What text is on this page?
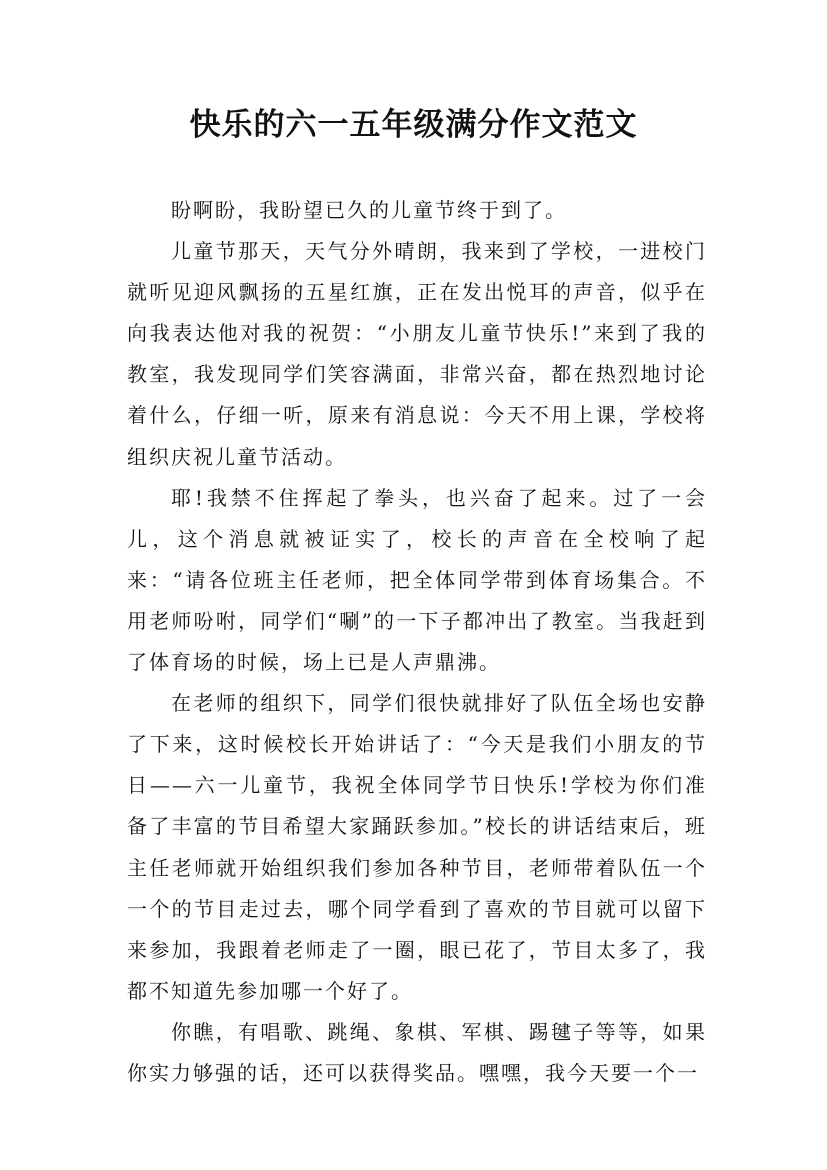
快乐的六一五年级满分作文范文

盼啊盼，我盼望已久的儿童节终于到了。

儿童节那天，天气分外晴朗，我来到了学校，一进校门就听见迎风飘扬的五星红旗，正在发出悦耳的声音，似乎在向我表达他对我的祝贺：“小朋友儿童节快乐!”来到了我的教室，我发现同学们笑容满面，非常兴奋，都在热烈地讨论着什么，仔细一听，原来有消息说：今天不用上课，学校将组织庆祝儿童节活动。

耶!我禁不住挥起了拳头，也兴奋了起来。过了一会儿，这个消息就被证实了，校长的声音在全校响了起来：“请各位班主任老师，把全体同学带到体育场集合。不用老师吩咐，同学们“唰”的一下子都冲出了教室。当我赶到了体育场的时候，场上已是人声鼎沸。

在老师的组织下，同学们很快就排好了队伍全场也安静了下来，这时候校长开始讲话了：“今天是我们小朋友的节日——六一儿童节，我祝全体同学节日快乐!学校为你们准备了丰富的节目希望大家踊跃参加。”校长的讲话结束后，班主任老师就开始组织我们参加各种节目，老师带着队伍一个一个的节目走过去，哪个同学看到了喜欢的节目就可以留下来参加，我跟着老师走了一圈，眼已花了，节目太多了，我都不知道先参加哪一个好了。

你瞧，有唱歌、跳绳、象棋、军棋、踢毽子等等，如果你实力够强的话，还可以获得奖品。嘿嘿，我今天要一个一
